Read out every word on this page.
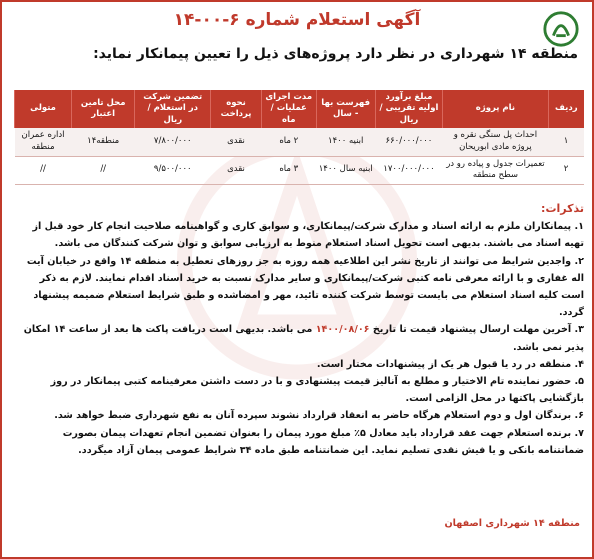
آگهی استعلام شماره ۶-۰۰-۱۴
منطقه ۱۴ شهرداری در نظر دارد پروژه‌های ذیل را تعیین پیمانکار نماید:
ردیف	نام پروژه	مبلغ برآورد اولیه تقریبی / ریال	فهرست بها - سال	مدت اجرای عملیات / ماه	نحوه پرداخت	تضمین شرکت در استعلام / ریال	محل تامین اعتبار	متولی
۱	احداث پل سنگی نقره و پروژه مادی ابوریحان	۶۶۰/۰۰۰/۰۰۰	ابنیه ۱۴۰۰	۲ ماه	نقدی	۷/۸۰۰/۰۰۰	منطقه۱۴	اداره عمران منطقه
۲	تعمیرات جدول و پیاده رو در سطح منطقه	۱۷۰۰/۰۰۰/۰۰۰	ابنیه سال ۱۴۰۰	۳ ماه	نقدی	۹/۵۰۰/۰۰۰	//	//
تذکرات:

۱. پیمانکاران ملزم به ارائه اسناد و مدارک شرکت/پیمانکاری، و سوابق کاری و گواهینامه صلاحیت انجام کار خود قبل از تهیه اسناد می باشند. بدیهی است تحویل اسناد استعلام منوط به ارزیابی سوابق و توان شرکت کنندگان می باشد.

۲. واجدین شرایط می توانند از تاریخ نشر این اطلاعیه همه روزه به جز روزهای تعطیل به منطقه ۱۴ واقع در خیابان آیت اله غفاری و با ارائه معرفی نامه کتبی شرکت/پیمانکاری و سایر مدارک نسبت به خرید اسناد اقدام نمایند. لازم به ذکر است کلیه اسناد استعلام می بایست توسط شرکت کننده تائید، مهر و امضاشده و طبق شرایط استعلام ضمیمه پیشنهاد گردد.

۳. آخرین مهلت ارسال پیشنهاد قیمت تا تاریخ ۱۴۰۰/۰۸/۰۶ می باشد. بدیهی است دریافت پاکت ها بعد از ساعت ۱۴ امکان پذیر نمی باشد.

۴. منطقه در رد یا قبول هر یک از پیشنهادات مختار است.

۵. حضور نماینده تام الاختیار و مطلع به آنالیز قیمت پیشنهادی و با در دست داشتن معرفینامه کتبی پیمانکار در روز بازگشایی پاکتها در محل الزامی است.

۶. برندگان اول و دوم استعلام هرگاه حاضر به انعقاد قرارداد نشوند سپرده آنان به نفع شهرداری ضبط خواهد شد.

۷. برنده استعلام جهت عقد قرارداد باید معادل ۵٪ مبلغ مورد پیمان را بعنوان تضمین انجام تعهدات پیمان بصورت ضمانتنامه بانکی و یا فیش نقدی تسلیم نماید. این ضمانتنامه طبق ماده ۳۴ شرایط عمومی پیمان آزاد میگردد.

منطقه ۱۴ شهرداری اصفهان
